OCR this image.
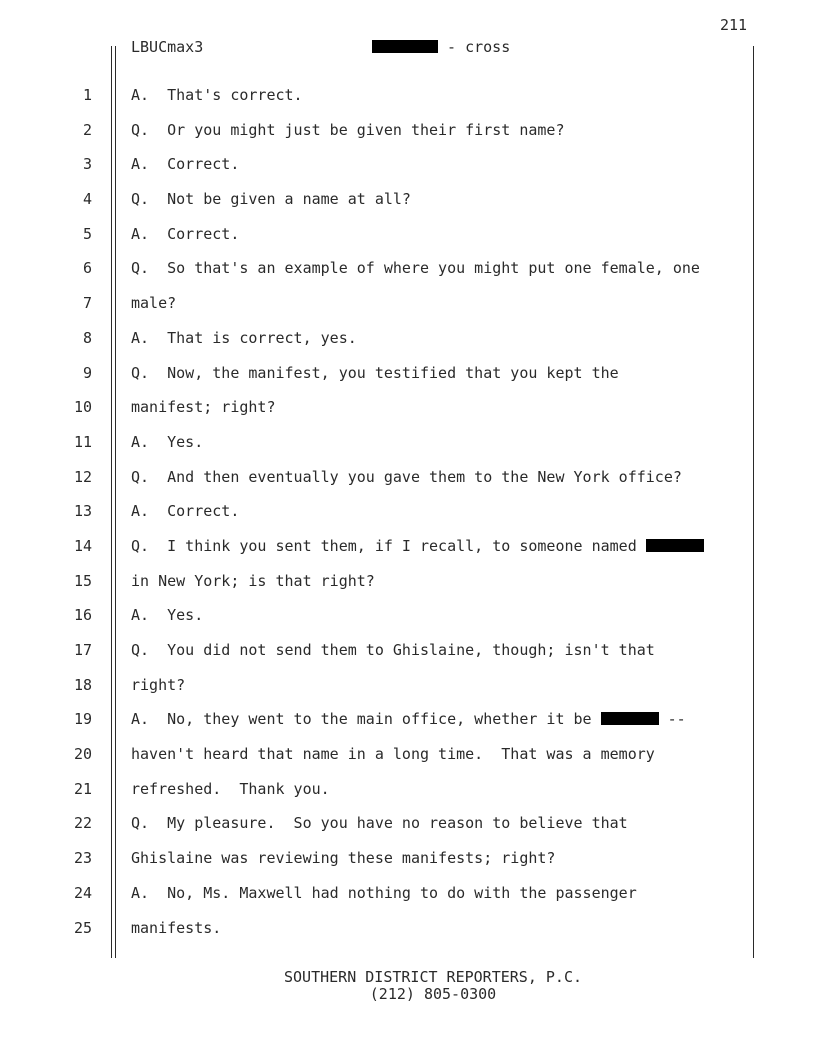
211
LBUCmax3	- cross
1	A.  That's correct.
2	Q.  Or you might just be given their first name?
3	A.  Correct.
4	Q.  Not be given a name at all?
5	A.  Correct.
6	Q.  So that's an example of where you might put one female, one
7	male?
8	A.  That is correct, yes.
9	Q.  Now, the manifest, you testified that you kept the
10	manifest; right?
11	A.  Yes.
12	Q.  And then eventually you gave them to the New York office?
13	A.  Correct.
14	Q.  I think you sent them, if I recall, to someone named
15	in New York; is that right?
16	A.  Yes.
17	Q.  You did not send them to Ghislaine, though; isn't that
18	right?
19	A.  No, they went to the main office, whether it be	--
20	haven't heard that name in a long time.  That was a memory
21	refreshed.  Thank you.
22	Q.  My pleasure.  So you have no reason to believe that
23	Ghislaine was reviewing these manifests; right?
24	A.  No, Ms. Maxwell had nothing to do with the passenger
25	manifests.
SOUTHERN DISTRICT REPORTERS, P.C.
(212) 805-0300
